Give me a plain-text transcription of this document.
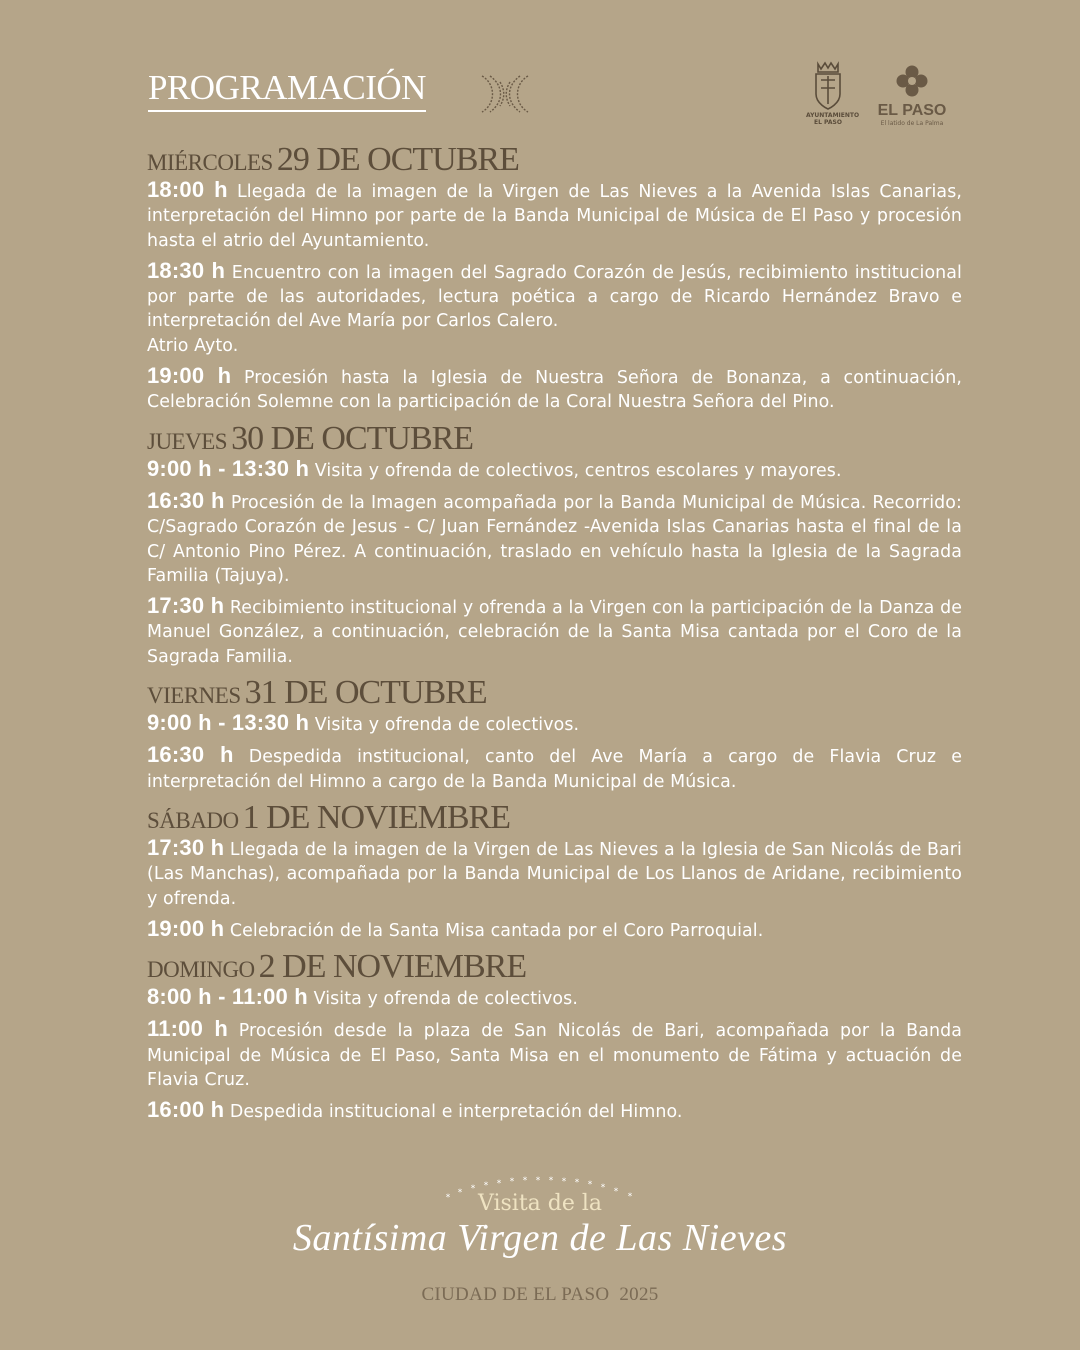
PROGRAMACIÓN
AYUNTAMIENTO
EL PASO
EL PASO
El latido de La Palma
MIÉRCOLES 29 DE OCTUBRE
18:00 h Llegada de la imagen de la Virgen de Las Nieves a la Avenida Islas Canarias, interpretación del Himno por parte de la Banda Municipal de Música de El Paso y procesión hasta el atrio del Ayuntamiento.
18:30 h Encuentro con la imagen del Sagrado Corazón de Jesús, recibimiento institucional por parte de las autoridades, lectura poética a cargo de Ricardo Hernández Bravo e interpretación del Ave María por Carlos Calero.
Atrio Ayto.
19:00 h Procesión hasta la Iglesia de Nuestra Señora de Bonanza, a continuación, Celebración Solemne con la participación de la Coral Nuestra Señora del Pino.
JUEVES 30 DE OCTUBRE
9:00 h - 13:30 h Visita y ofrenda de colectivos, centros escolares y mayores.
16:30 h Procesión de la Imagen acompañada por la Banda Municipal de Música. Recorrido: C/Sagrado Corazón de Jesus - C/ Juan Fernández -Avenida Islas Canarias hasta el final de la C/ Antonio Pino Pérez. A continuación, traslado en vehículo hasta la Iglesia de la Sagrada Familia (Tajuya).
17:30 h Recibimiento institucional y ofrenda a la Virgen con la participación de la Danza de Manuel González, a continuación, celebración de la Santa Misa cantada por el Coro de la Sagrada Familia.
VIERNES 31 DE OCTUBRE
9:00 h - 13:30 h Visita y ofrenda de colectivos.
16:30 h Despedida institucional, canto del Ave María a cargo de Flavia Cruz e interpretación del Himno a cargo de la Banda Municipal de Música.
SÁBADO 1 DE NOVIEMBRE
17:30 h Llegada de la imagen de la Virgen de Las Nieves a la Iglesia de San Nicolás de Bari (Las Manchas), acompañada por la Banda Municipal de Los Llanos de Aridane, recibimiento y ofrenda.
19:00 h Celebración de la Santa Misa cantada por el Coro Parroquial.
DOMINGO 2 DE NOVIEMBRE
8:00 h - 11:00 h Visita y ofrenda de colectivos.
11:00 h Procesión desde la plaza de San Nicolás de Bari, acompañada por la Banda Municipal de Música de El Paso, Santa Misa en el monumento de Fátima y actuación de Flavia Cruz.
16:00 h Despedida institucional e interpretación del Himno.
* * * * * * * * * * * * * * *
Visita de la
Santísima Virgen de Las Nieves
CIUDAD DE EL PASO 2025
